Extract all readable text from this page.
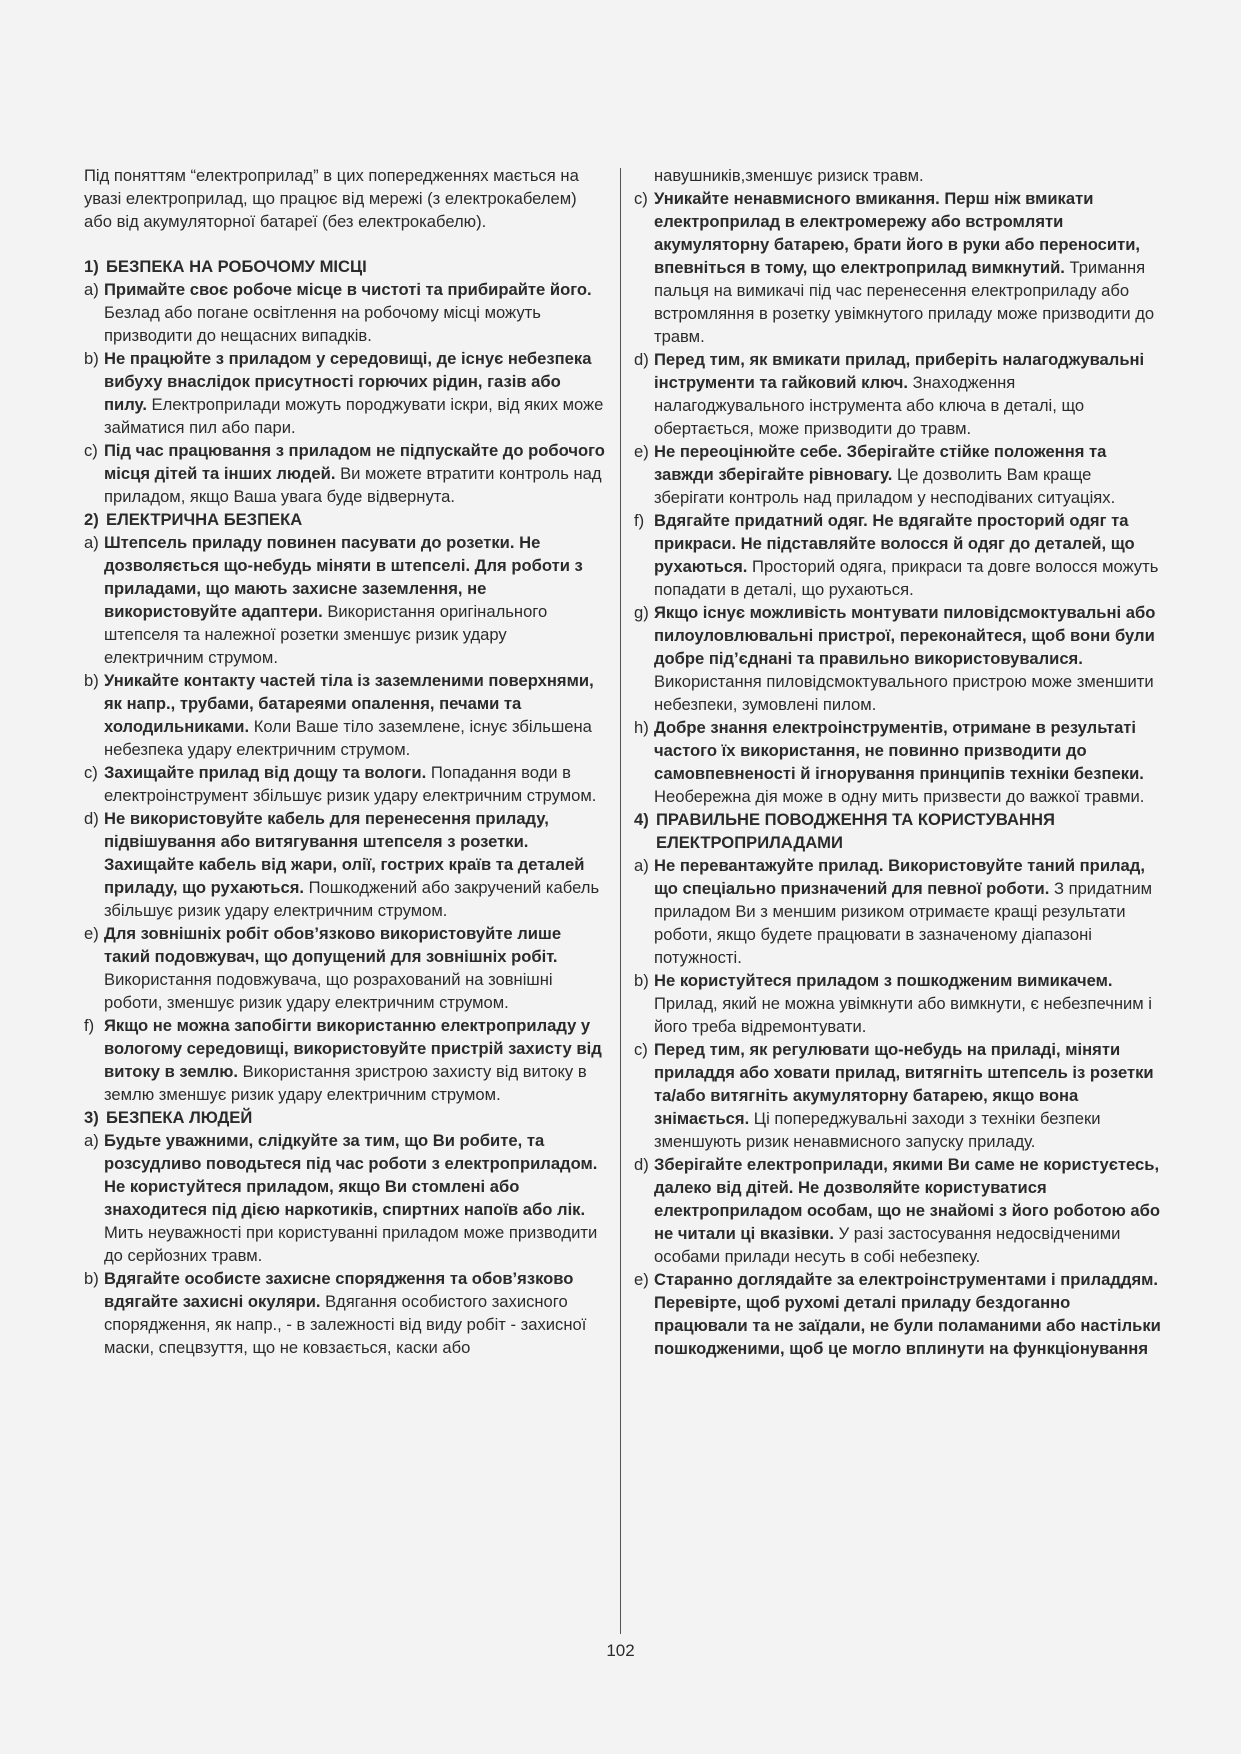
Під поняттям “електроприлад” в цих попередженнях мається на увазі електроприлад, що працює від мережі (з електрокабелем) або від акумуляторної батареї (без електрокабелю).

1) БЕЗПЕКА НА РОБОЧОМУ МІСЦІ
a) Примайте своє робоче місце в чистоті та прибирайте його. Безлад або погане освітлення на робочому місці можуть призводити до нещасних випадків.
b) Не працюйте з приладом у середовищі, де існує небезпека вибуху внаслідок присутності горючих рідин, газів або пилу. Електроприлади можуть породжувати іскри, від яких може займатися пил або пари.
c) Під час працювання з приладом не підпускайте до робочого місця дітей та інших людей. Ви можете втратити контроль над приладом, якщо Ваша увага буде відвернута.
2) ЕЛЕКТРИЧНА БЕЗПЕКА
a) Штепсель приладу повинен пасувати до розетки. Не дозволяється що-небудь міняти в штепселі. Для роботи з приладами, що мають захисне заземлення, не використовуйте адаптери. Використання оригінального штепселя та належної розетки зменшує ризик удару електричним струмом.
b) Уникайте контакту частей тіла із заземленими поверхнями, як напр., трубами, батареями опалення, печами та холодильниками. Коли Ваше тіло заземлене, існує збільшена небезпека удару електричним струмом.
c) Захищайте прилад від дощу та вологи. Попадання води в електроінструмент збільшує ризик удару електричним струмом.
d) Не використовуйте кабель для перенесення приладу, підвішування або витягування штепселя з розетки. Захищайте кабель від жари, олії, гострих країв та деталей приладу, що рухаються. Пошкоджений або закручений кабель збільшує ризик удару електричним струмом.
e) Для зовнішніх робіт обов’язково використовуйте лише такий подовжувач, що допущений для зовнішніх робіт. Використання подовжувача, що розрахований на зовнішні роботи, зменшує ризик удару електричним струмом.
f) Якщо не можна запобігти використанню електроприладу у вологому середовищі, використовуйте пристрій захисту від витоку в землю. Використання зристрою захисту від витоку в землю зменшує ризик удару електричним струмом.
3) БЕЗПЕКА ЛЮДЕЙ
a) Будьте уважними, слідкуйте за тим, що Ви робите, та розсудливо поводьтеся під час роботи з електроприладом. Не користуйтеся приладом, якщо Ви стомлені або знаходитеся під дією наркотиків, спиртних напоїв або лік. Мить неуважності при користуванні приладом може призводити до серйозних травм.
b) Вдягайте особисте захисне спорядження та обов’язково вдягайте захисні окуляри. Вдягання особистого захисного спорядження, як напр., - в залежності від виду робіт - захисної маски, спецвзуття, що не ковзається, каски або

навушників,зменшує ризиск травм.

c) Уникайте ненавмисного вмикання. Перш ніж вмикати електроприлад в електромережу або встромляти акумуляторну батарею, брати його в руки або переносити, впевніться в тому, що електроприлад вимкнутий. Тримання пальця на вимикачі під час перенесення електроприладу або встромляння в розетку увімкнутого приладу може призводити до травм.
d) Перед тим, як вмикати прилад, приберіть налагоджувальні інструменти та гайковий ключ. Знаходження налагоджувального інструмента або ключа в деталі, що обертається, може призводити до травм.
e) Не переоцінюйте себе. Зберігайте стійке положення та завжди зберігайте рівновагу. Це дозволить Вам краще зберігати контроль над приладом у несподіваних ситуаціях.
f) Вдягайте придатний одяг. Не вдягайте просторий одяг та прикраси. Не підставляйте волосся й одяг до деталей, що рухаються. Просторий одяга, прикраси та довге волосся можуть попадати в деталі, що рухаються.
g) Якщо існує можливість монтувати пиловідсмоктувальні або пилоуловлювальні пристрої, переконайтеся, щоб вони були добре під’єднані та правильно використовувалися. Використання пиловідсмоктувального пристрою може зменшити небезпеки, зумовлені пилом.
h) Добре знання електроінструментів, отримане в результаті частого їх використання, не повинно призводити до самовпевненості й ігнорування принципів техніки безпеки. Необережна дія може в одну мить призвести до важкої травми.
4) ПРАВИЛЬНЕ ПОВОДЖЕННЯ ТА КОРИСТУВАННЯ ЕЛЕКТРОПРИЛАДАМИ
a) Не перевантажуйте прилад. Використовуйте таний прилад, що спеціально призначений для певної роботи. З придатним приладом Ви з меншим ризиком отримаєте кращі результати роботи, якщо будете працювати в зазначеному діапазоні потужності.
b) Не користуйтеся приладом з пошкодженим вимикачем. Прилад, який не можна увімкнути або вимкнути, є небезпечним і його треба відремонтувати.
c) Перед тим, як регулювати що-небудь на приладі, міняти приладдя або ховати прилад, витягніть штепсель із розетки та/або витягніть акумуляторну батарею, якщо вона знімається. Ці попереджувальні заходи з техніки безпеки зменшують ризик ненавмисного запуску приладу.
d) Зберігайте електроприлади, якими Ви саме не користуєтесь, далеко від дітей. Не дозволяйте користуватися електроприладом особам, що не знайомі з його роботою або не читали ці вказівки. У разі застосування недосвідченими особами прилади несуть в собі небезпеку.
e) Старанно доглядайте за електроінструментами і приладдям. Перевірте, щоб рухомі деталі приладу бездоганно працювали та не заїдали, не були поламаними або настільки пошкодженими, щоб це могло вплинути на функціонування
102
